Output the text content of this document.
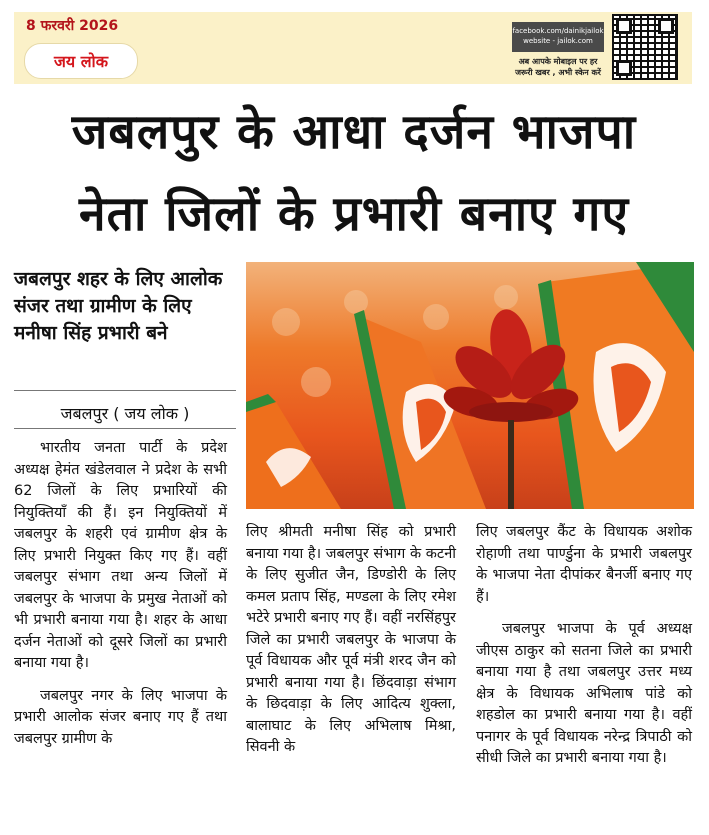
8 फरवरी 2026
जय लोक
facebook.com/dainikjailok
website - jailok.com
अब आपके मोबाइल पर हर
जरूरी खबर , अभी स्केन करें
जबलपुर के आधा दर्जन भाजपा
नेता जिलों के प्रभारी बनाए गए
जबलपुर शहर के लिए आलोक संजर तथा ग्रामीण के लिए मनीषा सिंह प्रभारी बने
जबलपुर ( जय लोक )

भारतीय जनता पार्टी के प्रदेश अध्यक्ष हेमंत खंडेलवाल ने प्रदेश के सभी 62 जिलों के लिए प्रभारियों की नियुक्तियाँ की हैं। इन नियुक्तियों में जबलपुर के शहरी एवं ग्रामीण क्षेत्र के लिए प्रभारी नियुक्त किए गए हैं। वहीं जबलपुर संभाग तथा अन्य जिलों में जबलपुर के भाजपा के प्रमुख नेताओं को भी प्रभारी बनाया गया है। शहर के आधा दर्जन नेताओं को दूसरे जिलों का प्रभारी बनाया गया है।

जबलपुर नगर के लिए भाजपा के प्रभारी आलोक संजर बनाए गए हैं तथा जबलपुर ग्रामीण के

लिए श्रीमती मनीषा सिंह को प्रभारी बनाया गया है। जबलपुर संभाग के कटनी के लिए सुजीत जैन, डिण्डोरी के लिए कमल प्रताप सिंह, मण्डला के लिए रमेश भटेरे प्रभारी बनाए गए हैं। वहीं नरसिंहपुर जिले का प्रभारी जबलपुर के भाजपा के पूर्व विधायक और पूर्व मंत्री शरद जैन को प्रभारी बनाया गया है। छिंदवाड़ा संभाग के छिदवाड़ा के लिए आदित्य शुक्ला, बालाघाट के लिए अभिलाष मिश्रा, सिवनी के

लिए जबलपुर कैंट के विधायक अशोक रोहाणी तथा पार्ण्डुना के प्रभारी जबलपुर के भाजपा नेता दीपांकर बैनर्जी बनाए गए हैं।

जबलपुर भाजपा के पूर्व अध्यक्ष जीएस ठाकुर को सतना जिले का प्रभारी बनाया गया है तथा जबलपुर उत्तर मध्य क्षेत्र के विधायक अभिलाष पांडे को शहडोल का प्रभारी बनाया गया है। वहीं पनागर के पूर्व विधायक नरेन्द्र त्रिपाठी को सीधी जिले का प्रभारी बनाया गया है।
